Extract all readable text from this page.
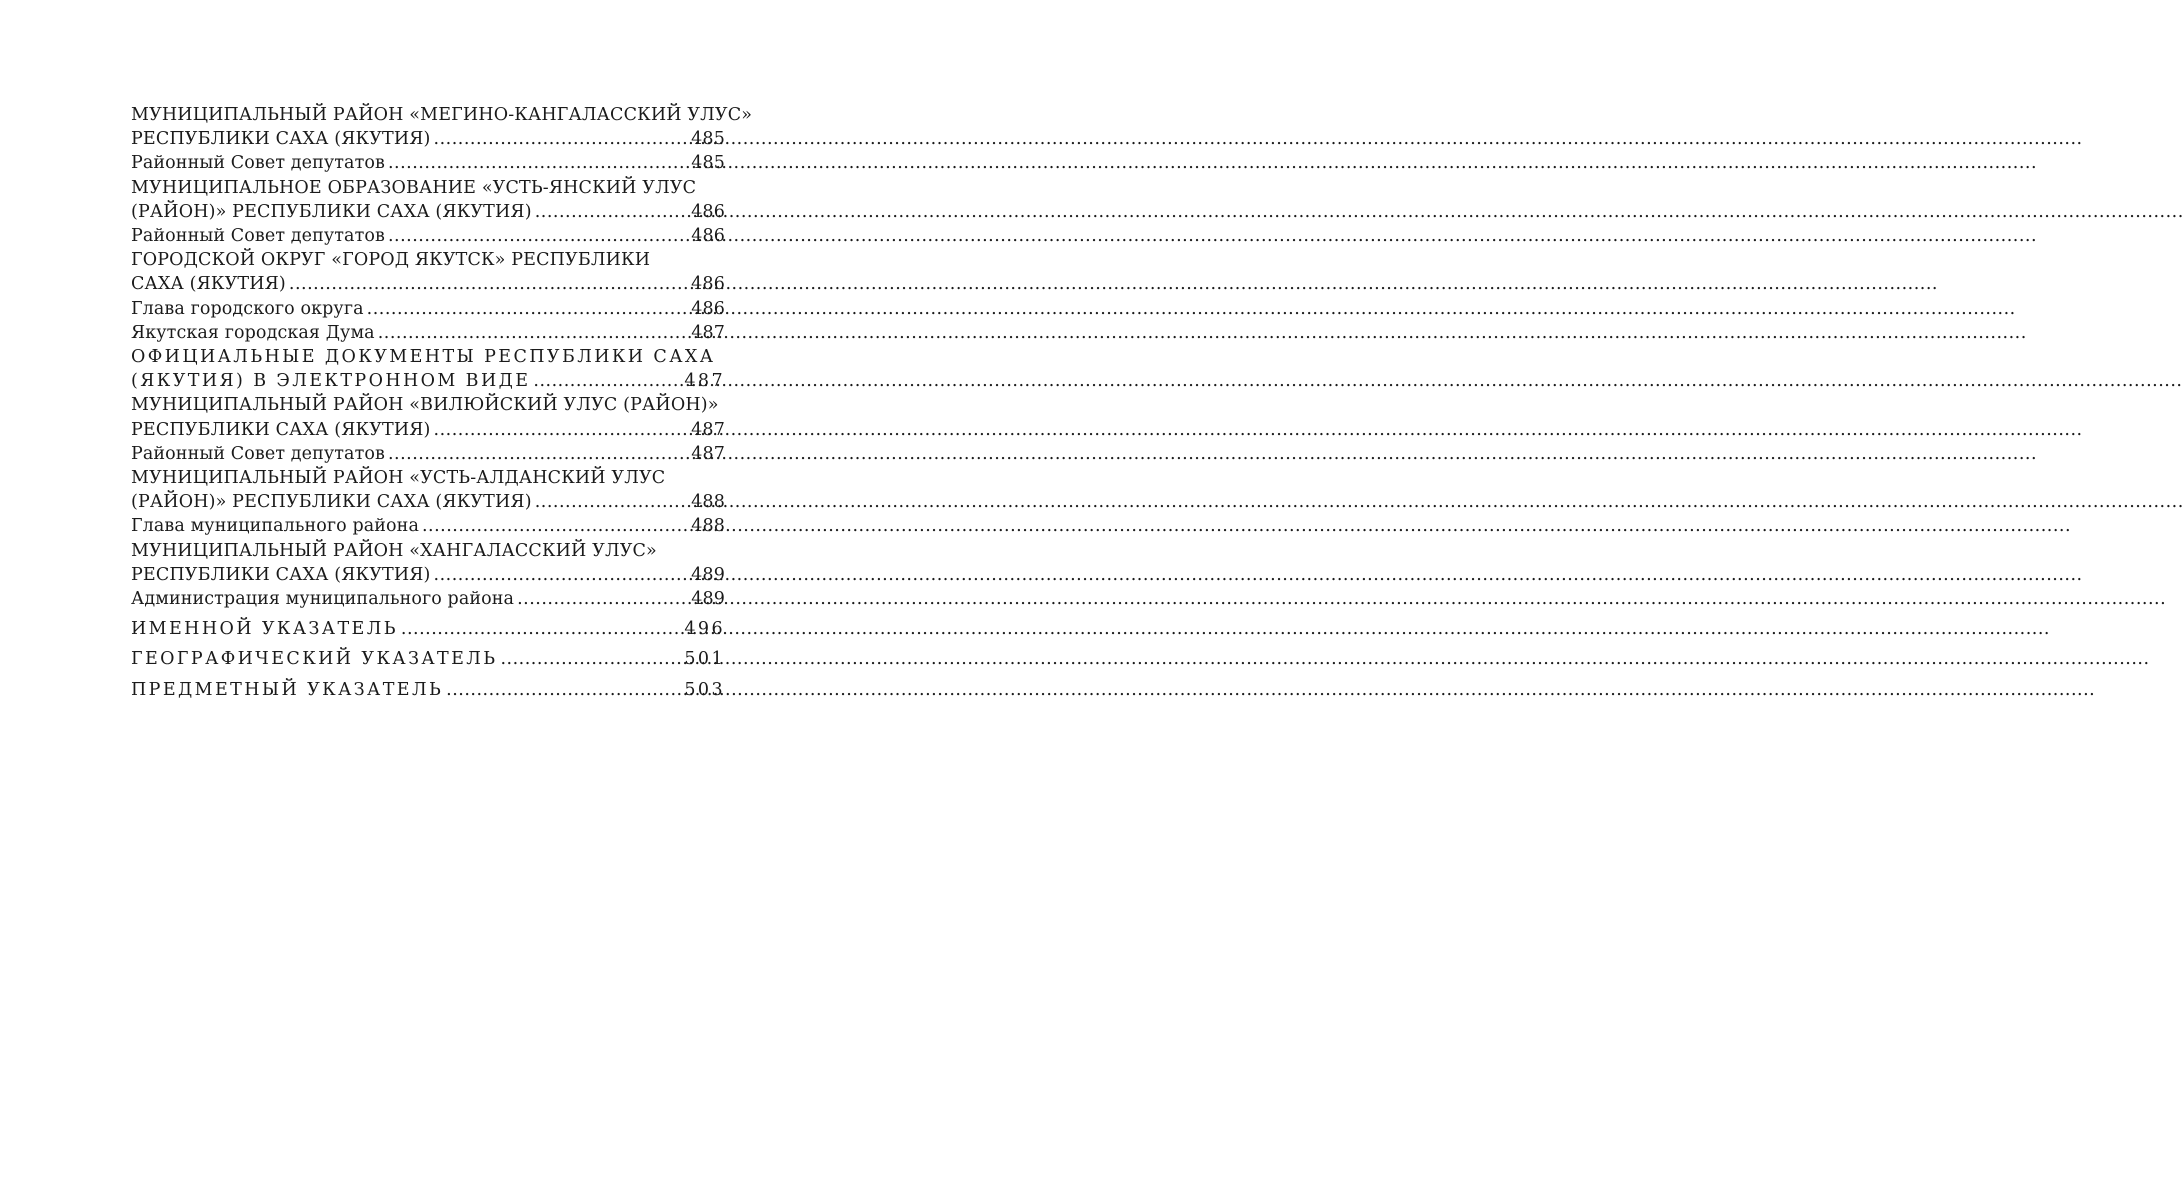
МУНИЦИПАЛЬНЫЙ РАЙОН «МЕГИНО-КАНГАЛАССКИЙ УЛУС»
РЕСПУБЛИКИ САХА (ЯКУТИЯ) .....	485
Районный Совет депутатов .....	485
МУНИЦИПАЛЬНОЕ ОБРАЗОВАНИЕ «УСТЬ-ЯНСКИЙ УЛУС
(РАЙОН)» РЕСПУБЛИКИ САХА (ЯКУТИЯ) .....	486
Районный Совет депутатов .....	486
ГОРОДСКОЙ ОКРУГ «ГОРОД ЯКУТСК» РЕСПУБЛИКИ
САХА (ЯКУТИЯ) .....	486
Глава городского округа .....	486
Якутская городская Дума .....	487
ОФИЦИАЛЬНЫЕ ДОКУМЕНТЫ РЕСПУБЛИКИ САХА
(ЯКУТИЯ) В ЭЛЕКТРОННОМ ВИДЕ .....	487
МУНИЦИПАЛЬНЫЙ РАЙОН «ВИЛЮЙСКИЙ УЛУС (РАЙОН)»
РЕСПУБЛИКИ САХА (ЯКУТИЯ) .....	487
Районный Совет депутатов .....	487
МУНИЦИПАЛЬНЫЙ РАЙОН «УСТЬ-АЛДАНСКИЙ УЛУС
(РАЙОН)» РЕСПУБЛИКИ САХА (ЯКУТИЯ) .....	488
Глава муниципального района .....	488
МУНИЦИПАЛЬНЫЙ РАЙОН «ХАНГАЛАССКИЙ УЛУС»
РЕСПУБЛИКИ САХА (ЯКУТИЯ) .....	489
Администрация муниципального района .....	489
ИМЕННОЙ УКАЗАТЕЛЬ .....	496
ГЕОГРАФИЧЕСКИЙ УКАЗАТЕЛЬ .....	501
ПРЕДМЕТНЫЙ УКАЗАТЕЛЬ .....	503
